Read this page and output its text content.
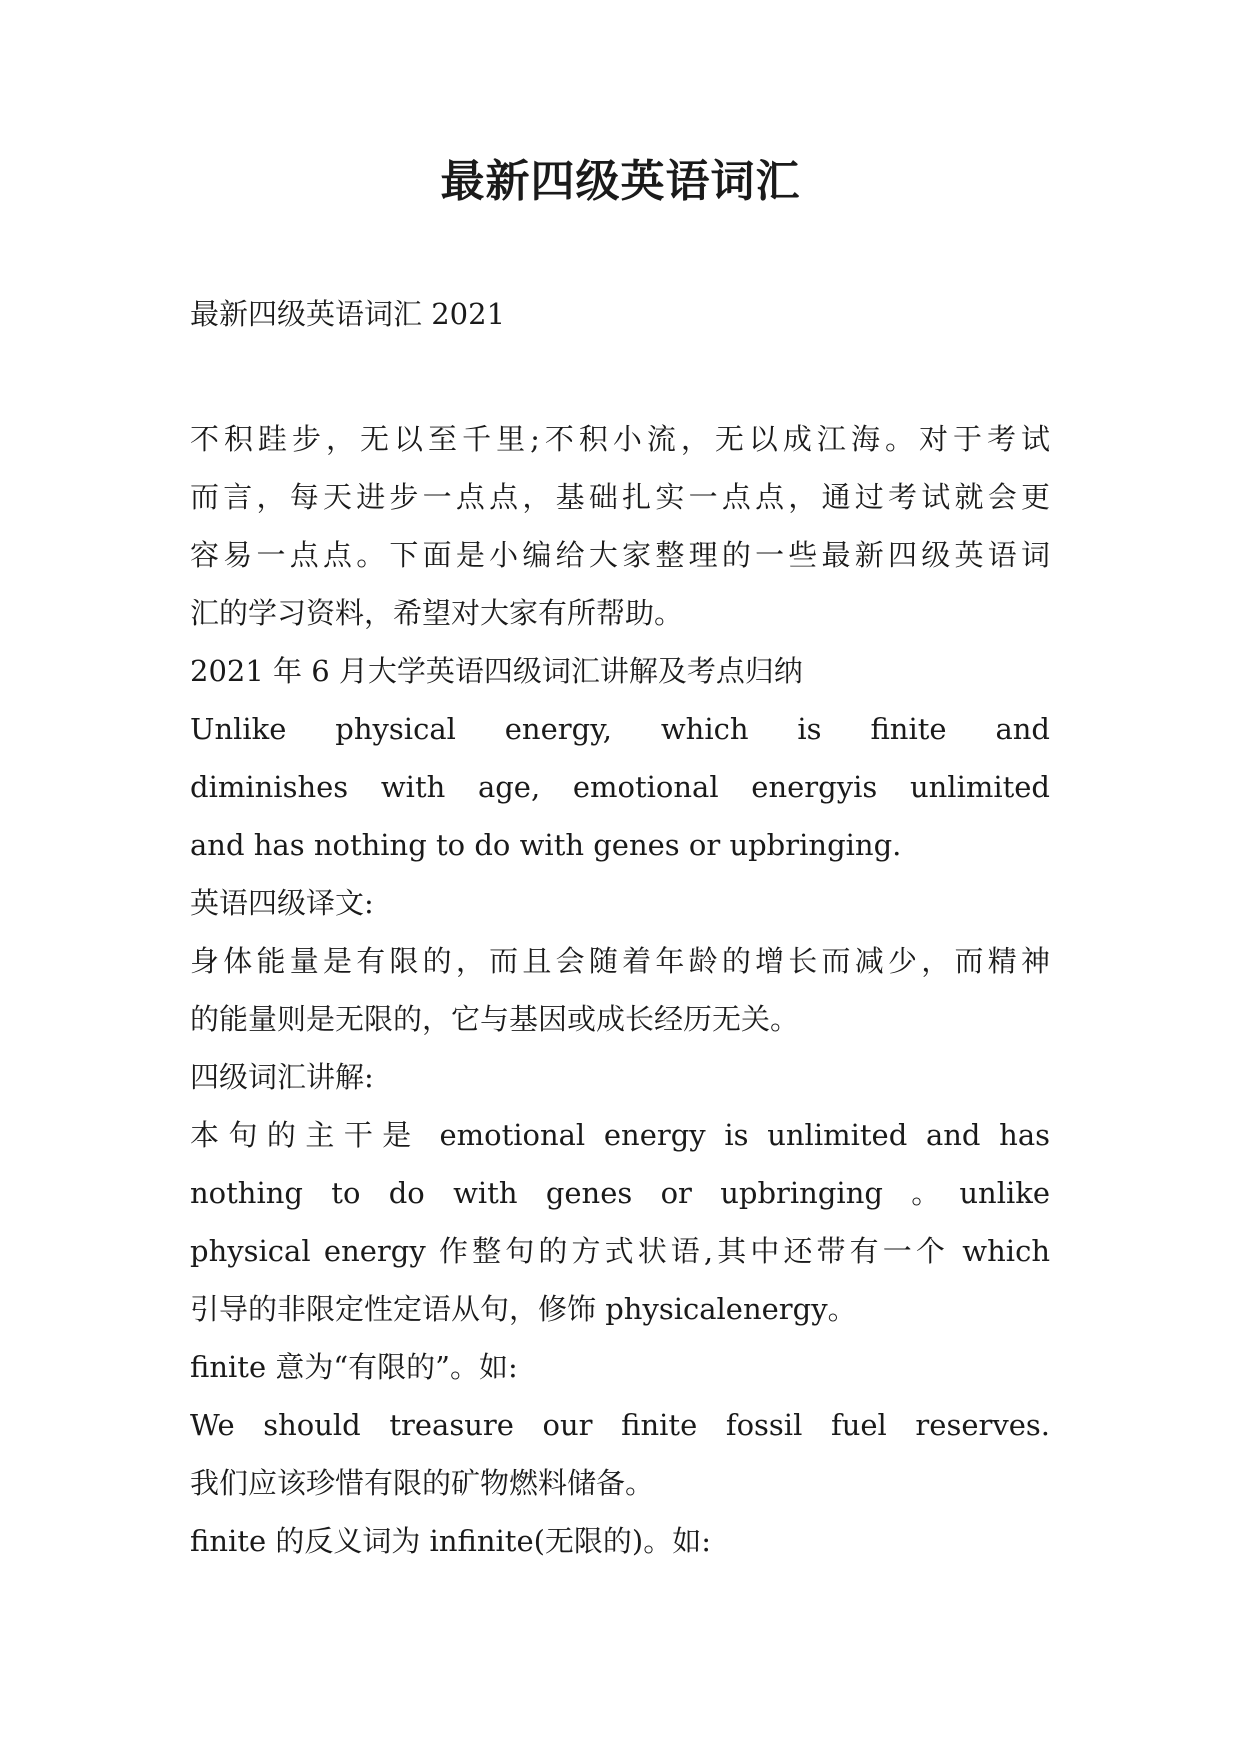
最新四级英语词汇
最新四级英语词汇 2021
不积跬步，无以至千里;不积小流，无以成江海。对于考试
而言，每天进步一点点，基础扎实一点点，通过考试就会更
容易一点点。下面是小编给大家整理的一些最新四级英语词
汇的学习资料，希望对大家有所帮助。
2021 年 6 月大学英语四级词汇讲解及考点归纳
Unlike physical energy, which is finite and
diminishes with age, emotional energyis unlimited
and has nothing to do with genes or upbringing.
英语四级译文:
身体能量是有限的，而且会随着年龄的增长而减少，而精神
的能量则是无限的，它与基因或成长经历无关。
四级词汇讲解:
本句的主干是 emotional energy is unlimited and has
nothing to do with genes or upbringing 。unlike
physical energy 作整句的方式状语,其中还带有一个 which
引导的非限定性定语从句，修饰 physicalenergy。
finite 意为“有限的”。如:
We should treasure our finite fossil fuel reserves.
我们应该珍惜有限的矿物燃料储备。
finite 的反义词为 infinite(无限的)。如:
